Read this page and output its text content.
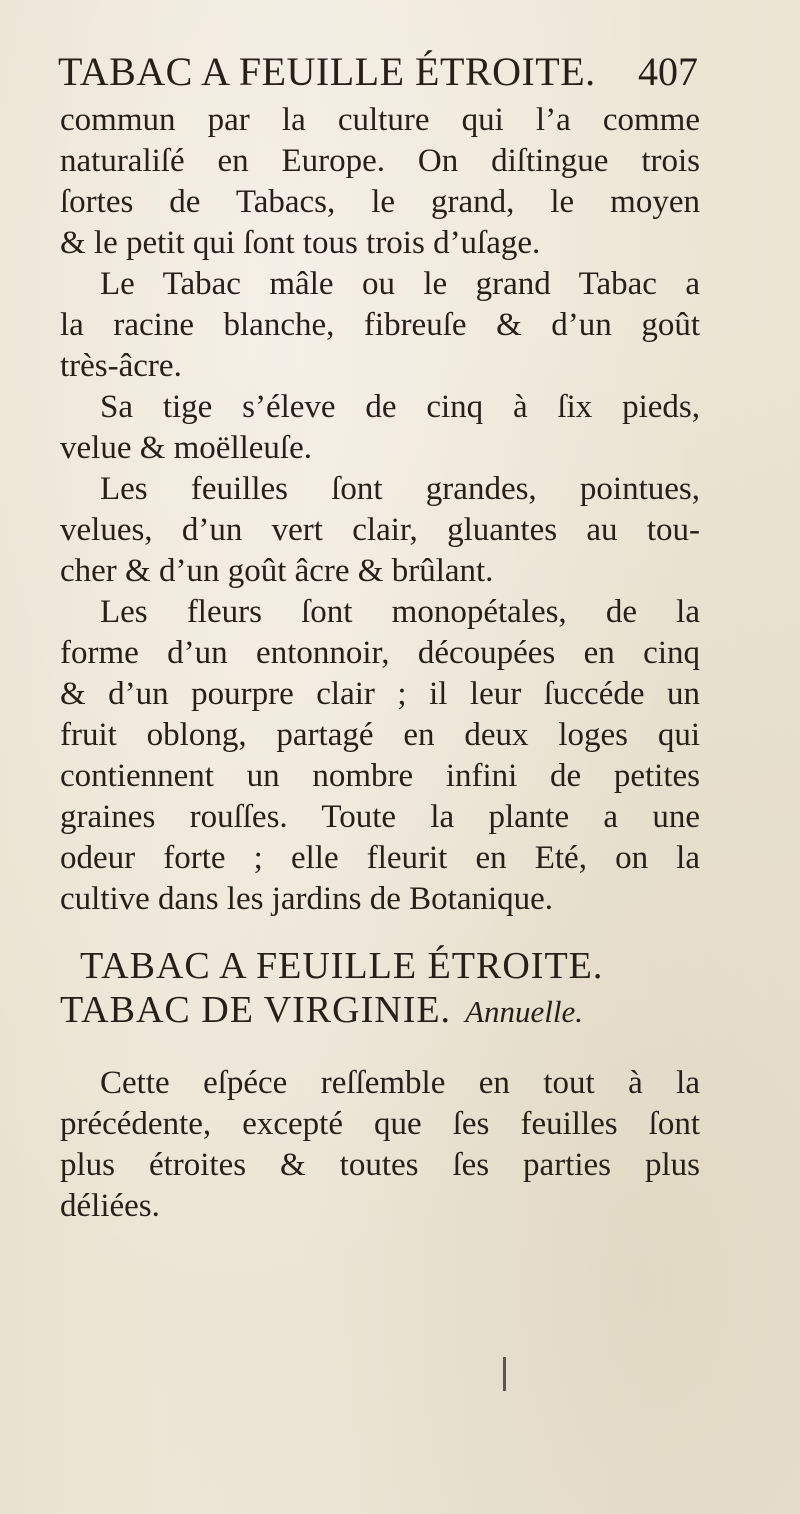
TABAC A FEUILLE ÉTROITE. 407
commun par la culture qui l’a comme
naturaliſé en Europe. On diſtingue trois
ſortes de Tabacs, le grand, le moyen
& le petit qui ſont tous trois d’uſage.
Le Tabac mâle ou le grand Tabac a
la racine blanche, fibreuſe & d’un goût
très-âcre.
Sa tige s’éleve de cinq à ſix pieds,
velue & moëlleuſe.
Les feuilles ſont grandes, pointues,
velues, d’un vert clair, gluantes au tou-
cher & d’un goût âcre & brûlant.
Les fleurs ſont monopétales, de la
forme d’un entonnoir, découpées en cinq
& d’un pourpre clair ; il leur ſuccéde un
fruit oblong, partagé en deux loges qui
contiennent un nombre infini de petites
graines rouſſes. Toute la plante a une
odeur forte ; elle fleurit en Eté, on la
cultive dans les jardins de Botanique.
TABAC A FEUILLE ÉTROITE.
TABAC DE VIRGINIE. Annuelle.
Cette eſpéce reſſemble en tout à la
précédente, excepté que ſes feuilles ſont
plus étroites & toutes ſes parties plus
déliées.
